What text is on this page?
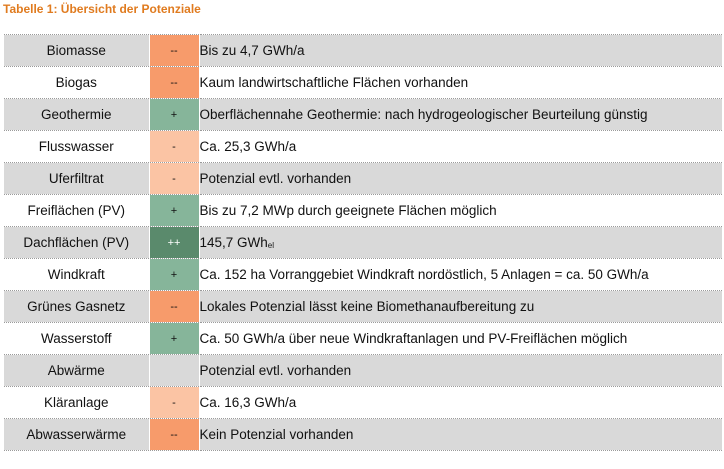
Tabelle 1: Übersicht der Potenziale
Biomasse	--	Bis zu 4,7 GWh/a
Biogas	--	Kaum landwirtschaftliche Flächen vorhanden
Geothermie	+	Oberflächennahe Geothermie: nach hydrogeologischer Beurteilung günstig
Flusswasser	-	Ca. 25,3 GWh/a
Uferfiltrat	-	Potenzial evtl. vorhanden
Freiflächen (PV)	+	Bis zu 7,2 MWp durch geeignete Flächen möglich
Dachflächen (PV)	++	145,7 GWh$_{el}$
Windkraft	+	Ca. 152 ha Vorranggebiet Windkraft nordöstlich, 5 Anlagen = ca. 50 GWh/a
Grünes Gasnetz	--	Lokales Potenzial lässt keine Biomethanaufbereitung zu
Wasserstoff	+	Ca. 50 GWh/a über neue Windkraftanlagen und PV-Freiflächen möglich
Abwärme		Potenzial evtl. vorhanden
Kläranlage	-	Ca. 16,3 GWh/a
Abwasserwärme	--	Kein Potenzial vorhanden
